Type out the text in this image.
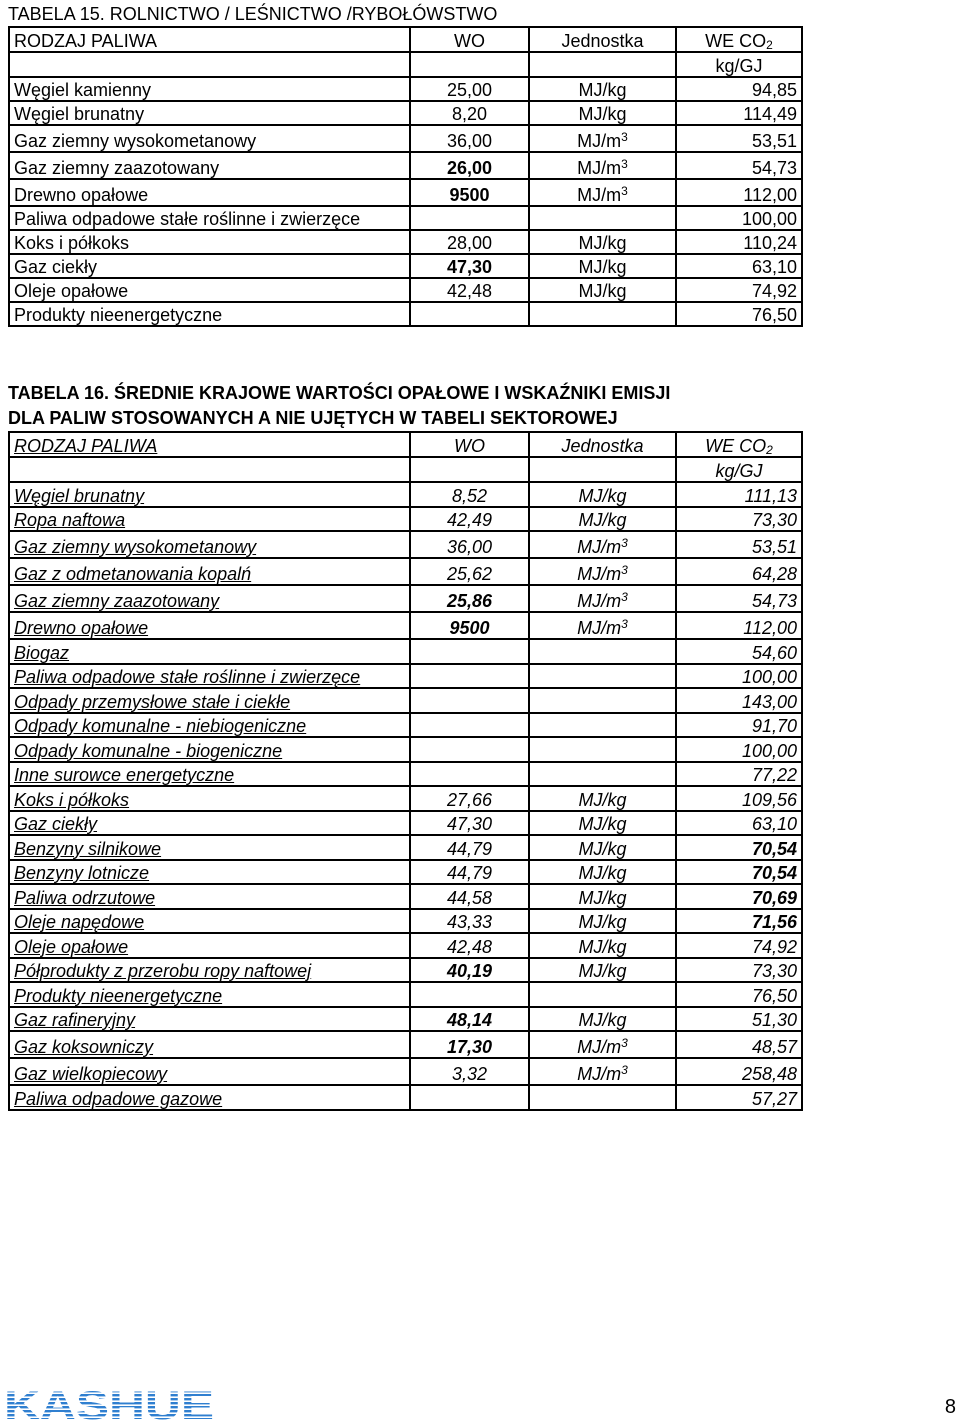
TABELA 15. ROLNICTWO / LEŚNICTWO /RYBOŁÓWSTWO
RODZAJ PALIWA	WO	Jednostka	WE $CO_2$
			kg/GJ
Węgiel kamienny	25,00	MJ/kg	94,85
Węgiel brunatny	8,20	MJ/kg	114,49
Gaz ziemny wysokometanowy	36,00	$MJ/m^3$	53,51
Gaz ziemny zaazotowany	26,00	$MJ/m^3$	54,73
Drewno opałowe	9500	$MJ/m^3$	112,00
Paliwa odpadowe stałe roślinne i zwierzęce			100,00
Koks i półkoks	28,00	MJ/kg	110,24
Gaz ciekły	47,30	MJ/kg	63,10
Oleje opałowe	42,48	MJ/kg	74,92
Produkty nieenergetyczne			76,50
TABELA 16. ŚREDNIE KRAJOWE WARTOŚCI OPAŁOWE I WSKAŹNIKI EMISJI
DLA PALIW STOSOWANYCH A NIE UJĘTYCH W TABELI SEKTOROWEJ
RODZAJ PALIWA	WO	Jednostka	WE $CO_2$
			kg/GJ
Węgiel brunatny	8,52	MJ/kg	111,13
Ropa naftowa	42,49	MJ/kg	73,30
Gaz ziemny wysokometanowy	36,00	$MJ/m^3$	53,51
Gaz z odmetanowania kopalń	25,62	$MJ/m^3$	64,28
Gaz ziemny zaazotowany	25,86	$MJ/m^3$	54,73
Drewno opałowe	9500	$MJ/m^3$	112,00
Biogaz			54,60
Paliwa odpadowe stałe roślinne i zwierzęce			100,00
Odpady przemysłowe stałe i ciekłe			143,00
Odpady komunalne - niebiogeniczne			91,70
Odpady komunalne - biogeniczne			100,00
Inne surowce energetyczne			77,22
Koks i półkoks	27,66	MJ/kg	109,56
Gaz ciekły	47,30	MJ/kg	63,10
Benzyny silnikowe	44,79	MJ/kg	70,54
Benzyny lotnicze	44,79	MJ/kg	70,54
Paliwa odrzutowe	44,58	MJ/kg	70,69
Oleje napędowe	43,33	MJ/kg	71,56
Oleje opałowe	42,48	MJ/kg	74,92
Półprodukty z przerobu ropy naftowej	40,19	MJ/kg	73,30
Produkty nieenergetyczne			76,50
Gaz rafineryjny	48,14	MJ/kg	51,30
Gaz koksowniczy	17,30	$MJ/m^3$	48,57
Gaz wielkopiecowy	3,32	$MJ/m^3$	258,48
Paliwa odpadowe gazowe			57,27
KASHUE	8
